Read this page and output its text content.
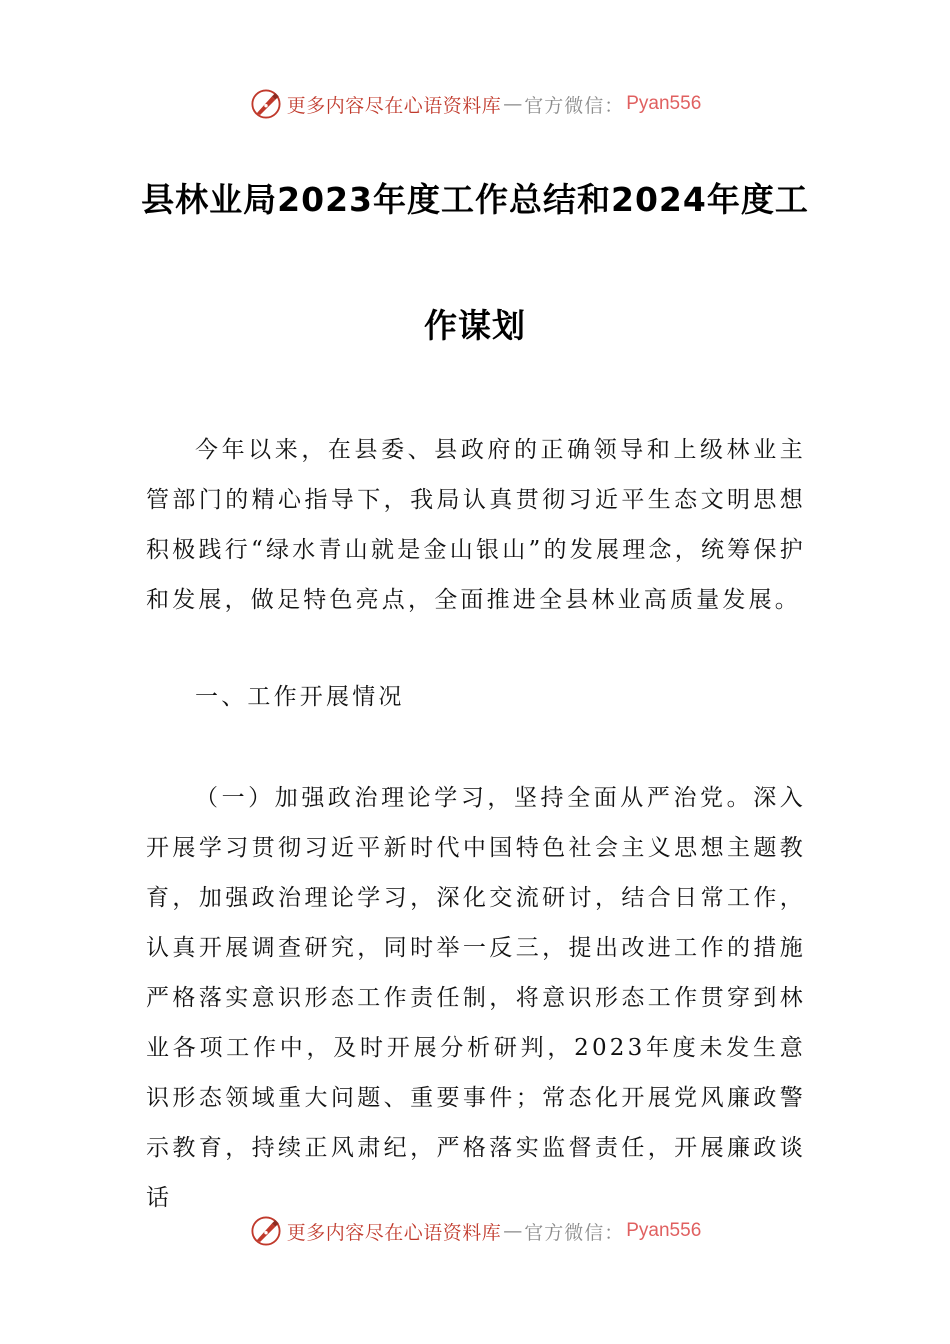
更多内容尽在心语资料库 — 官方微信： Pyan556
县林业局2023年度工作总结和2024年度工
作谋划

今年以来，在县委、县政府的正确领导和上级林业主管部门的精心指导下，我局认真贯彻习近平生态文明思想积极践行“绿水青山就是金山银山”的发展理念，统筹保护和发展，做足特色亮点，全面推进全县林业高质量发展。

一、工作开展情况

（一）加强政治理论学习，坚持全面从严治党。深入开展学习贯彻习近平新时代中国特色社会主义思想主题教育，加强政治理论学习，深化交流研讨，结合日常工作，认真开展调查研究，同时举一反三，提出改进工作的措施严格落实意识形态工作责任制，将意识形态工作贯穿到林业各项工作中，及时开展分析研判，2023年度未发生意识形态领域重大问题、重要事件；常态化开展党风廉政警示教育，持续正风肃纪，严格落实监督责任，开展廉政谈话

更多内容尽在心语资料库 — 官方微信： Pyan556
